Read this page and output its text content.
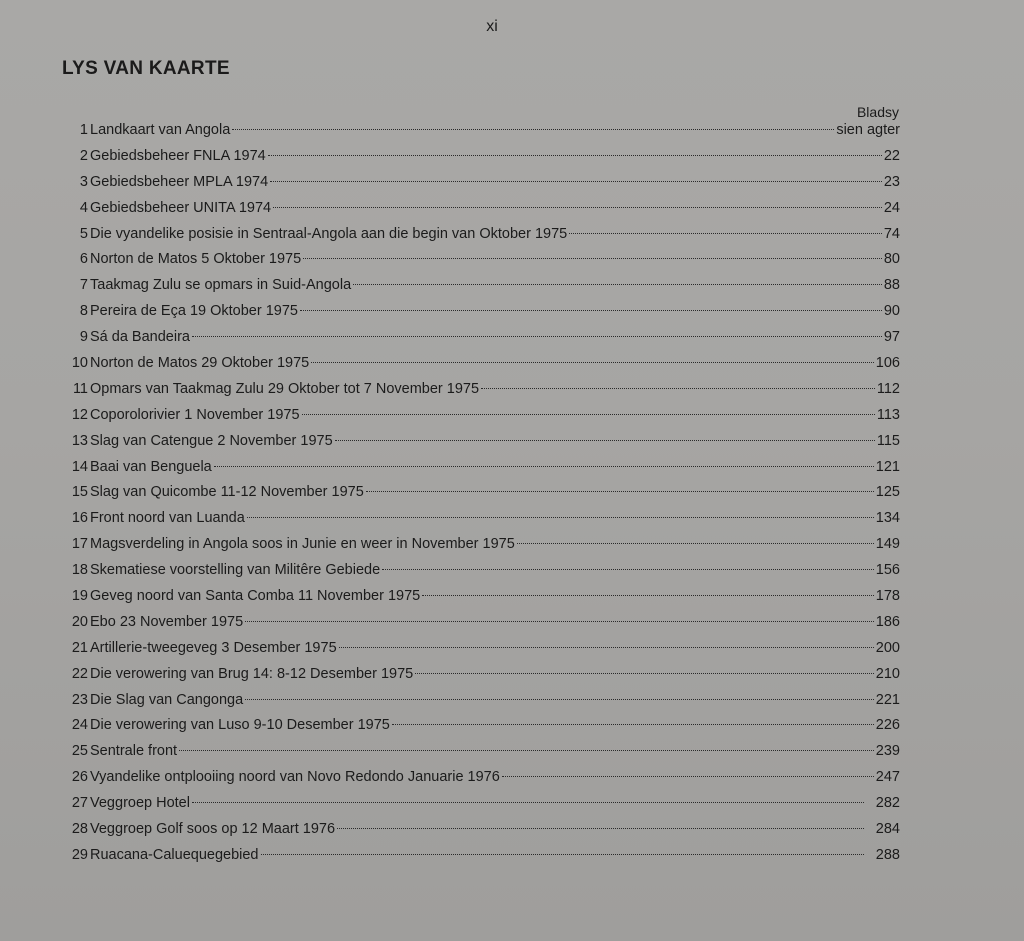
xi
LYS VAN KAARTE
Bladsy
1 Landkaart van Angola	sien agter
2 Gebiedsbeheer FNLA 1974	22
3 Gebiedsbeheer MPLA 1974	23
4 Gebiedsbeheer UNITA 1974	24
5 Die vyandelike posisie in Sentraal-Angola aan die begin van Oktober 1975	74
6 Norton de Matos 5 Oktober 1975	80
7 Taakmag Zulu se opmars in Suid-Angola	88
8 Pereira de Eça 19 Oktober 1975	90
9 Sá da Bandeira	97
10 Norton de Matos 29 Oktober 1975	106
11 Opmars van Taakmag Zulu 29 Oktober tot 7 November 1975	112
12 Coporolorivier 1 November 1975	113
13 Slag van Catengue 2 November 1975	115
14 Baai van Benguela	121
15 Slag van Quicombe 11-12 November 1975	125
16 Front noord van Luanda	134
17 Magsverdeling in Angola soos in Junie en weer in November 1975	149
18 Skematiese voorstelling van Militêre Gebiede	156
19 Geveg noord van Santa Comba 11 November 1975	178
20 Ebo 23 November 1975	186
21 Artillerie-tweegeveg 3 Desember 1975	200
22 Die verowering van Brug 14: 8-12 Desember 1975	210
23 Die Slag van Cangonga	221
24 Die verowering van Luso 9-10 Desember 1975	226
25 Sentrale front	239
26 Vyandelike ontplooiing noord van Novo Redondo Januarie 1976	247
27 Veggroep Hotel	282
28 Veggroep Golf soos op 12 Maart 1976	284
29 Ruacana-Caluequegebied	288
